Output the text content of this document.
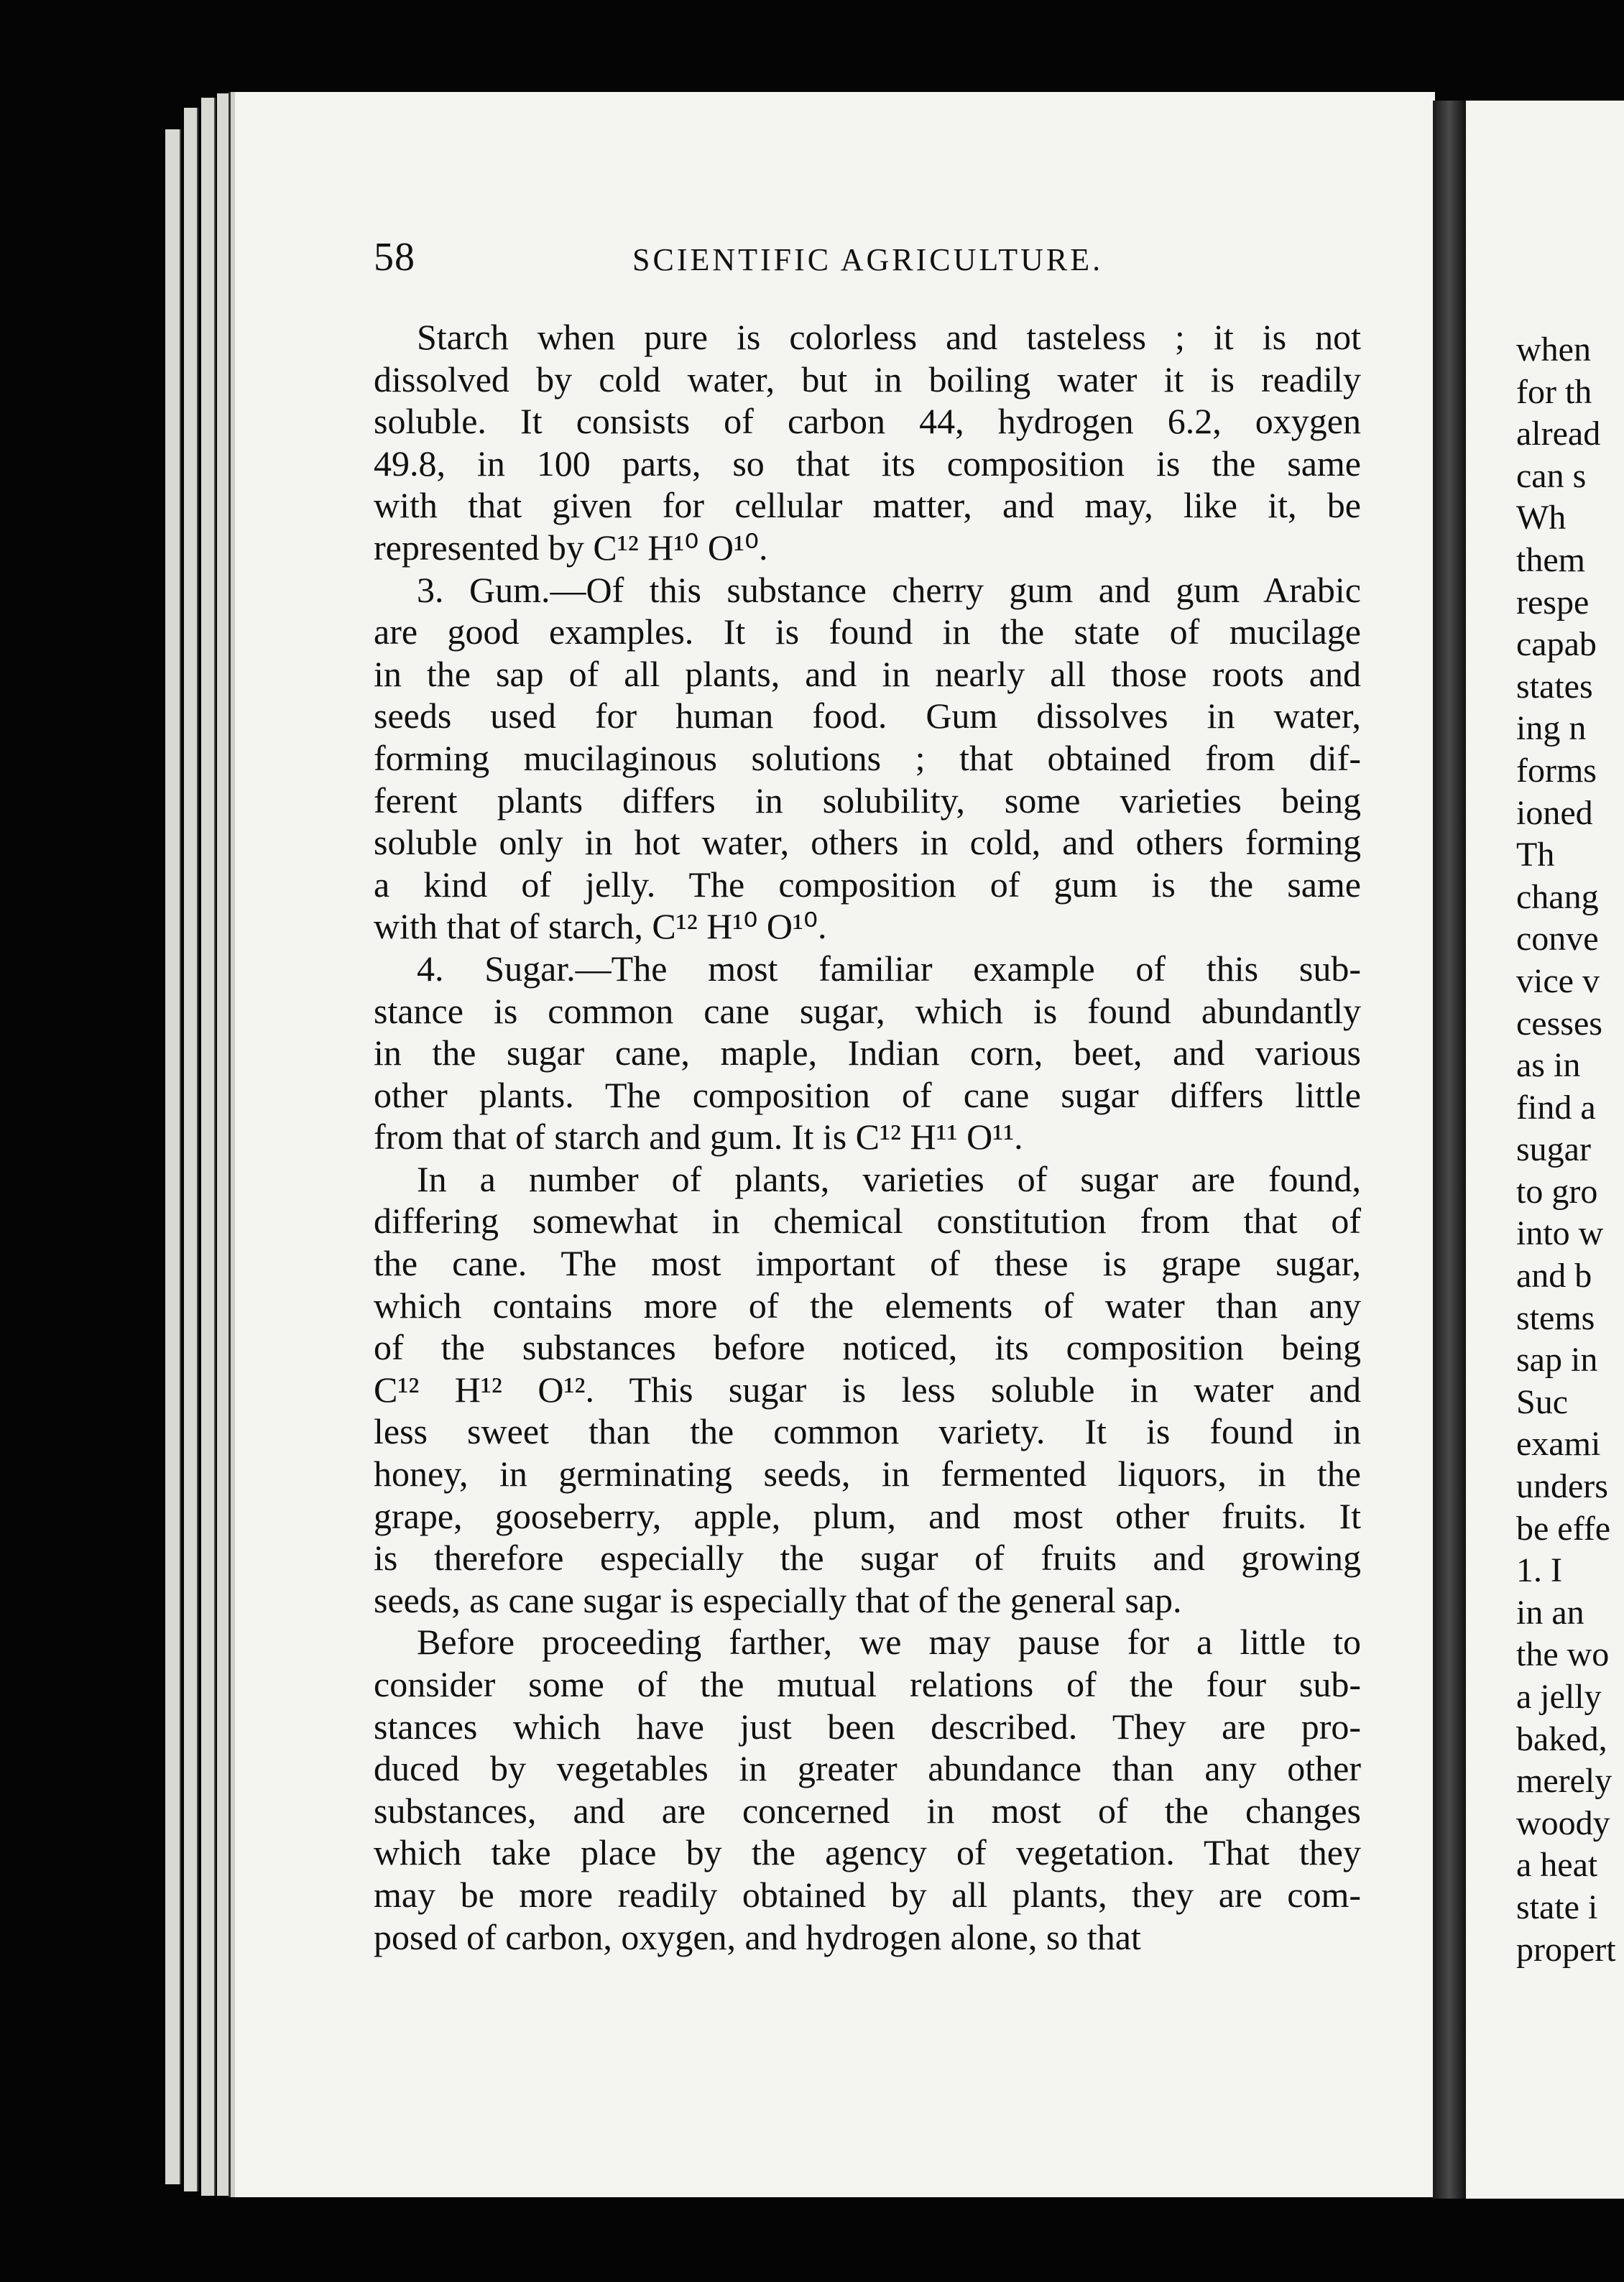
when
for th
alread
can s
Wh
them
respe
capab
states
ing n
forms
ioned
Th
chang
conve
vice v
cesses
as in
find a
sugar
to gro
into w
and b
stems
sap in
Suc
exami
unders
be effe
1. I
in an
the wo
a jelly
baked,
merely
woody
a heat
state i
propert
58	SCIENTIFIC AGRICULTURE.
Starch when pure is colorless and tasteless ; it is not
dissolved by cold water, but in boiling water it is readily
soluble. It consists of carbon 44, hydrogen 6.2, oxygen
49.8, in 100 parts, so that its composition is the same
with that given for cellular matter, and may, like it, be
represented by C¹² H¹⁰ O¹⁰.
3. Gum.—Of this substance cherry gum and gum Arabic
are good examples. It is found in the state of mucilage
in the sap of all plants, and in nearly all those roots and
seeds used for human food. Gum dissolves in water,
forming mucilaginous solutions ; that obtained from dif-
ferent plants differs in solubility, some varieties being
soluble only in hot water, others in cold, and others forming
a kind of jelly. The composition of gum is the same
with that of starch, C¹² H¹⁰ O¹⁰.
4. Sugar.—The most familiar example of this sub-
stance is common cane sugar, which is found abundantly
in the sugar cane, maple, Indian corn, beet, and various
other plants. The composition of cane sugar differs little
from that of starch and gum. It is C¹² H¹¹ O¹¹.
In a number of plants, varieties of sugar are found,
differing somewhat in chemical constitution from that of
the cane. The most important of these is grape sugar,
which contains more of the elements of water than any
of the substances before noticed, its composition being
C¹² H¹² O¹². This sugar is less soluble in water and
less sweet than the common variety. It is found in
honey, in germinating seeds, in fermented liquors, in the
grape, gooseberry, apple, plum, and most other fruits. It
is therefore especially the sugar of fruits and growing
seeds, as cane sugar is especially that of the general sap.
Before proceeding farther, we may pause for a little to
consider some of the mutual relations of the four sub-
stances which have just been described. They are pro-
duced by vegetables in greater abundance than any other
substances, and are concerned in most of the changes
which take place by the agency of vegetation. That they
may be more readily obtained by all plants, they are com-
posed of carbon, oxygen, and hydrogen alone, so that
